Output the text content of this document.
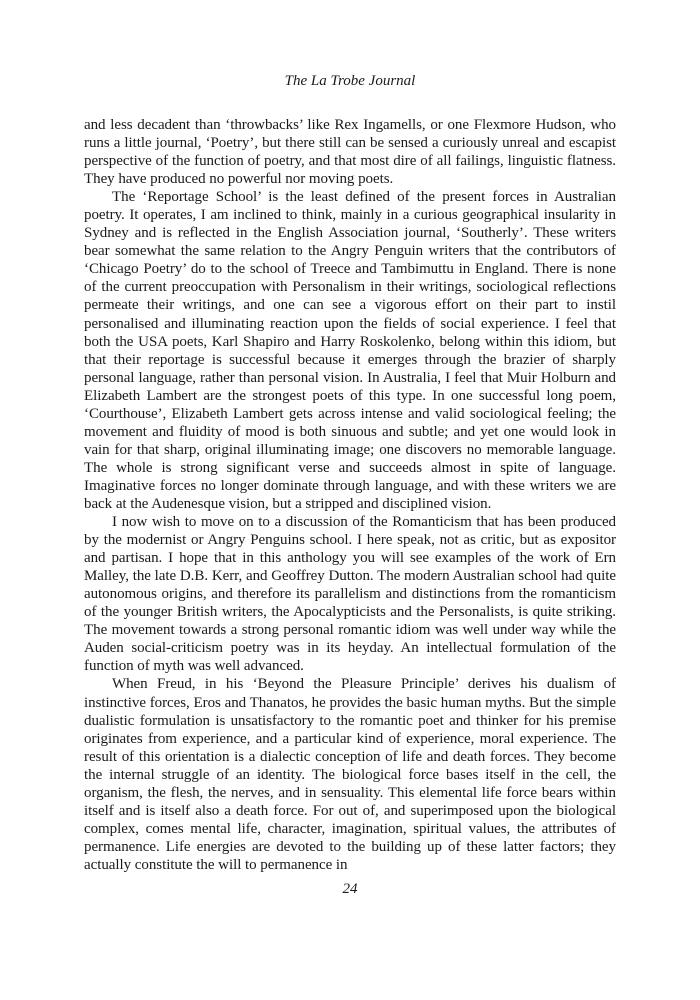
The La Trobe Journal

and less decadent than ‘throwbacks’ like Rex Ingamells, or one Flexmore Hudson, who runs a little journal, ‘Poetry’, but there still can be sensed a curiously unreal and escapist perspective of the function of poetry, and that most dire of all failings, linguistic flatness. They have produced no powerful nor moving poets.

The ‘Reportage School’ is the least defined of the present forces in Australian poetry. It operates, I am inclined to think, mainly in a curious geographical insularity in Sydney and is reflected in the English Association journal, ‘Southerly’. These writers bear somewhat the same relation to the Angry Penguin writers that the contributors of ‘Chicago Poetry’ do to the school of Treece and Tambimuttu in England. There is none of the current preoccupation with Personalism in their writings, sociological reflections permeate their writings, and one can see a vigorous effort on their part to instil personalised and illuminating reaction upon the fields of social experience. I feel that both the USA poets, Karl Shapiro and Harry Roskolenko, belong within this idiom, but that their reportage is successful because it emerges through the brazier of sharply personal language, rather than personal vision. In Australia, I feel that Muir Holburn and Elizabeth Lambert are the strongest poets of this type. In one successful long poem, ‘Courthouse’, Elizabeth Lambert gets across intense and valid sociological feeling; the movement and fluidity of mood is both sinuous and subtle; and yet one would look in vain for that sharp, original illuminating image; one discovers no memorable language. The whole is strong significant verse and succeeds almost in spite of language. Imaginative forces no longer dominate through language, and with these writers we are back at the Audenesque vision, but a stripped and disciplined vision.

I now wish to move on to a discussion of the Romanticism that has been produced by the modernist or Angry Penguins school. I here speak, not as critic, but as expositor and partisan. I hope that in this anthology you will see examples of the work of Ern Malley, the late D.B. Kerr, and Geoffrey Dutton. The modern Australian school had quite autonomous origins, and therefore its parallelism and distinctions from the romanticism of the younger British writers, the Apocalypticists and the Personalists, is quite striking. The movement towards a strong personal romantic idiom was well under way while the Auden social-criticism poetry was in its heyday. An intellectual formulation of the function of myth was well advanced.

When Freud, in his ‘Beyond the Pleasure Principle’ derives his dualism of instinctive forces, Eros and Thanatos, he provides the basic human myths. But the simple dualistic formulation is unsatisfactory to the romantic poet and thinker for his premise originates from experience, and a particular kind of experience, moral experience. The result of this orientation is a dialectic conception of life and death forces. They become the internal struggle of an identity. The biological force bases itself in the cell, the organism, the flesh, the nerves, and in sensuality. This elemental life force bears within itself and is itself also a death force. For out of, and superimposed upon the biological complex, comes mental life, character, imagination, spiritual values, the attributes of permanence. Life energies are devoted to the building up of these latter factors; they actually constitute the will to permanence in

24
